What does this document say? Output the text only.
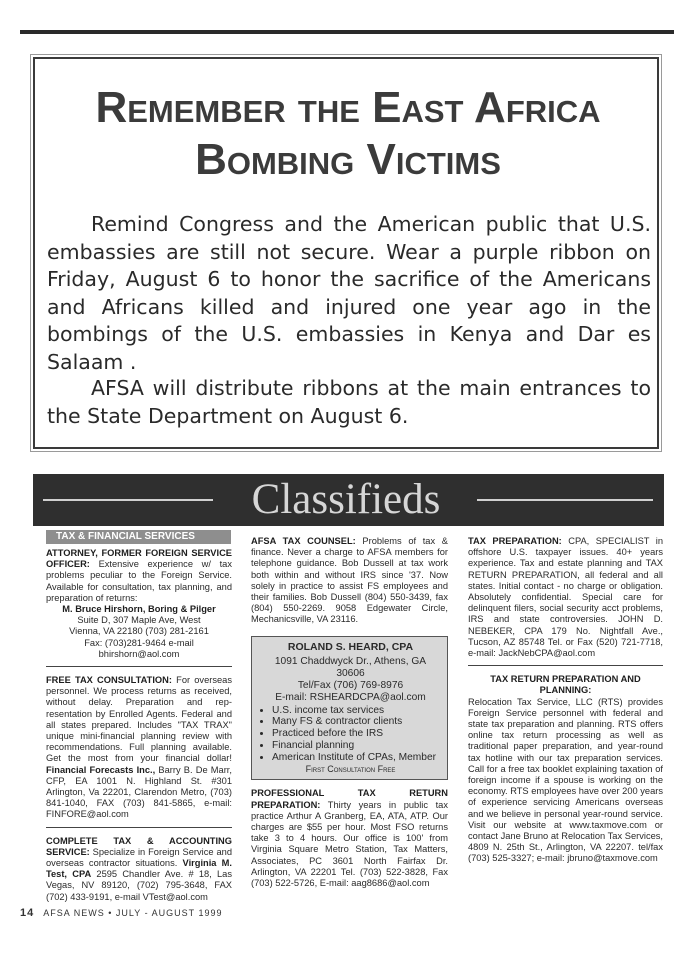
Remember the East Africa
Bombing Victims

Remind Congress and the American public that U.S. embassies are still not secure. Wear a purple ribbon on Friday, August 6 to honor the sacrifice of the Americans and Africans killed and injured one year ago in the bombings of the U.S. embassies in Kenya and Dar es Salaam .

AFSA will distribute ribbons at the main entrances to the State Department on August 6.

Classifieds
TAX & FINANCIAL SERVICES

ATTORNEY, FORMER FOREIGN SERVICE OFFICER: Extensive experience w/ tax problems peculiar to the Foreign Service. Available for consultation, tax planning, and preparation of returns:

M. Bruce Hirshorn, Boring & Pilger

Suite D, 307 Maple Ave, West

Vienna, VA 22180 (703) 281-2161

Fax: (703)281-9464 e-mail

bhirshorn@aol.com

FREE TAX CONSULTATION: For overseas personnel. We process returns as received, without delay. Preparation and representation by Enrolled Agents. Federal and all states prepared. Includes "TAX TRAX" unique mini-financial planning review with recommendations. Full planning available. Get the most from your financial dollar! Financial Forecasts Inc., Barry B. De Marr, CFP, EA 1001 N. Highland St. #301 Arlington, Va 22201, Clarendon Metro, (703) 841-1040, FAX (703) 841-5865, e-mail: FINFORE@aol.com

COMPLETE TAX & ACCOUNTING SERVICE: Specialize in Foreign Service and overseas contractor situations. Virginia M. Test, CPA 2595 Chandler Ave. # 18, Las Vegas, NV 89120, (702) 795-3648, FAX (702) 433-9191, e-mail VTest@aol.com

AFSA TAX COUNSEL: Problems of tax & finance. Never a charge to AFSA members for telephone guidance. Bob Dussell at tax work both within and without IRS since '37. Now solely in practice to assist FS employees and their families. Bob Dussell (804) 550-3439, fax (804) 550-2269. 9058 Edgewater Circle, Mechanicsville, VA 23116.

ROLAND S. HEARD, CPA
1091 Chaddwyck Dr., Athens, GA
30606
Tel/Fax (706) 769-8976
E-mail: RSHEARDCPA@aol.com
• U.S. income tax services
• Many FS & contractor clients
• Practiced before the IRS
• Financial planning
• American Institute of CPAs, Member
First Consultation Free

PROFESSIONAL TAX RETURN PREPARATION: Thirty years in public tax practice Arthur A Granberg, EA, ATA, ATP. Our charges are $55 per hour. Most FSO returns take 3 to 4 hours. Our office is 100' from Virginia Square Metro Station, Tax Matters, Associates, PC 3601 North Fairfax Dr. Arlington, VA 22201 Tel. (703) 522-3828, Fax (703) 522-5726, E-mail: aag8686@aol.com

TAX PREPARATION: CPA, SPECIALIST in offshore U.S. taxpayer issues. 40+ years experience. Tax and estate planning and TAX RETURN PREPARATION, all federal and all states. Initial contact - no charge or obligation. Absolutely confidential. Special care for delinquent filers, social security acct problems, IRS and state controversies. JOHN D. NEBEKER, CPA 179 No. Nightfall Ave., Tucson, AZ 85748 Tel. or Fax (520) 721-7718, e-mail: JackNebCPA@aol.com

TAX RETURN PREPARATION AND PLANNING:

Relocation Tax Service, LLC (RTS) provides Foreign Service personnel with federal and state tax preparation and planning. RTS offers online tax return processing as well as traditional paper preparation, and year-round tax hotline with our tax preparation services. Call for a free tax booklet explaining taxation of foreign income if a spouse is working on the economy. RTS employees have over 200 years of experience servicing Americans overseas and we believe in personal year-round service. Visit our website at www.taxmove.com or contact Jane Bruno at Relocation Tax Services, 4809 N. 25th St., Arlington, VA 22207. tel/fax (703) 525-3327; e-mail: jbruno@taxmove.com

14 AFSA NEWS • JULY - AUGUST 1999
